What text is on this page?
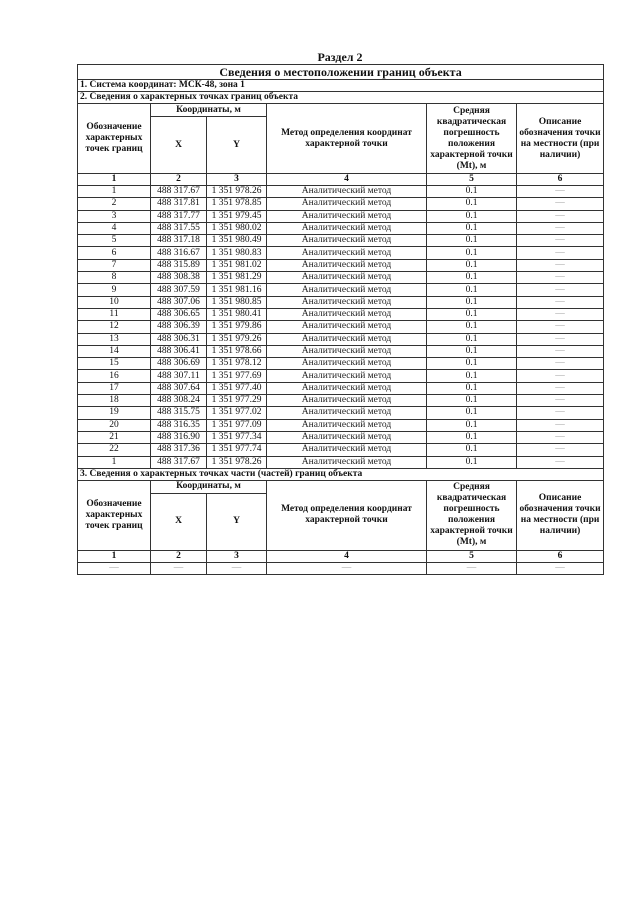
Раздел 2
Сведения о местоположении границ объекта					
1. Система координат: МСК-48, зона 1					
2. Сведения о характерных точках границ объекта					
Обозначение характерных точек границ	Координаты, м		Метод определения координат характерной точки	Средняя квадратическая погрешность положения характерной точки (Mt), м	Описание обозначения точки на местности (при наличии)
	X	Y			
1	2	3	4	5	6
1	488 317.67	1 351 978.26	Аналитический метод	0.1	—
2	488 317.81	1 351 978.85	Аналитический метод	0.1	—
3	488 317.77	1 351 979.45	Аналитический метод	0.1	—
4	488 317.55	1 351 980.02	Аналитический метод	0.1	—
5	488 317.18	1 351 980.49	Аналитический метод	0.1	—
6	488 316.67	1 351 980.83	Аналитический метод	0.1	—
7	488 315.89	1 351 981.02	Аналитический метод	0.1	—
8	488 308.38	1 351 981.29	Аналитический метод	0.1	—
9	488 307.59	1 351 981.16	Аналитический метод	0.1	—
10	488 307.06	1 351 980.85	Аналитический метод	0.1	—
11	488 306.65	1 351 980.41	Аналитический метод	0.1	—
12	488 306.39	1 351 979.86	Аналитический метод	0.1	—
13	488 306.31	1 351 979.26	Аналитический метод	0.1	—
14	488 306.41	1 351 978.66	Аналитический метод	0.1	—
15	488 306.69	1 351 978.12	Аналитический метод	0.1	—
16	488 307.11	1 351 977.69	Аналитический метод	0.1	—
17	488 307.64	1 351 977.40	Аналитический метод	0.1	—
18	488 308.24	1 351 977.29	Аналитический метод	0.1	—
19	488 315.75	1 351 977.02	Аналитический метод	0.1	—
20	488 316.35	1 351 977.09	Аналитический метод	0.1	—
21	488 316.90	1 351 977.34	Аналитический метод	0.1	—
22	488 317.36	1 351 977.74	Аналитический метод	0.1	—
1	488 317.67	1 351 978.26	Аналитический метод	0.1	—
3. Сведения о характерных точках части (частей) границ объекта					
Обозначение характерных точек границ	Координаты, м		Метод определения координат характерной точки	Средняя квадратическая погрешность положения характерной точки (Mt), м	Описание обозначения точки на местности (при наличии)
	X	Y			
1	2	3	4	5	6
—	—	—	—	—	—
